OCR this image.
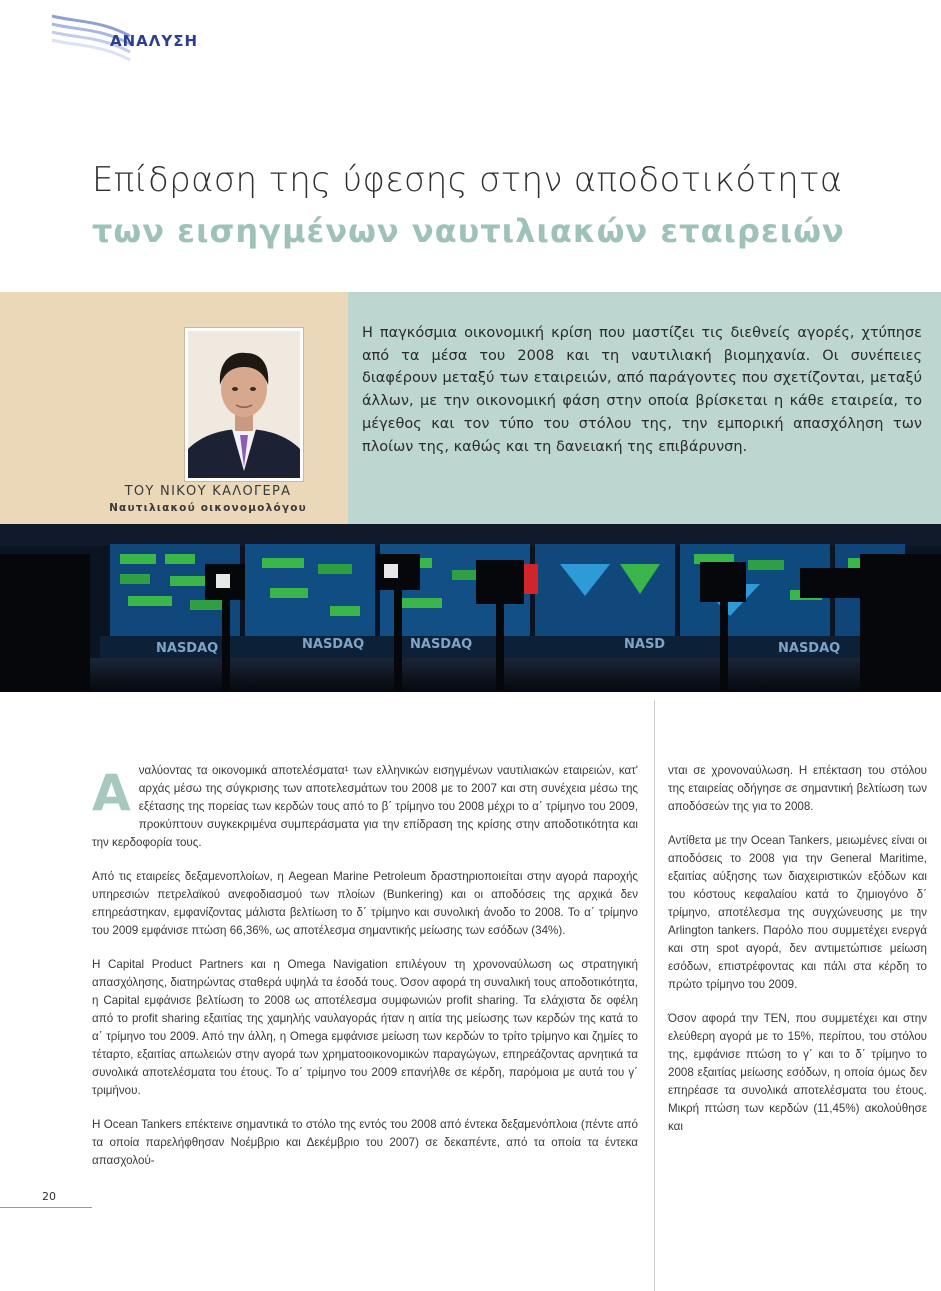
ΑΝΑΛΥΣΗ
Επίδραση της ύφεσης στην αποδοτικότητα
των εισηγμένων ναυτιλιακών εταιρειών
ΤΟΥ ΝΙΚΟΥ ΚΑΛΟΓΕΡΑ
Ναυτιλιακού οικονομολόγου
Η παγκόσμια οικονομική κρίση που μαστίζει τις διεθνείς αγορές, χτύπησε από τα μέσα του 2008 και τη ναυτιλιακή βιομηχανία. Οι συνέπειες διαφέρουν μεταξύ των εταιρειών, από παράγοντες που σχετίζονται, μεταξύ άλλων, με την οικονομική φάση στην οποία βρίσκεται η κάθε εταιρεία, το μέγεθος και τον τύπο του στόλου της, την εμπορική απασχόληση των πλοίων της, καθώς και τη δανειακή της επιβάρυνση.
NASDAQ	NASDAQ	NASDAQ	NASD	NASDAQ

Αναλύοντας τα οικονομικά αποτελέσματα¹ των ελληνικών εισηγμένων ναυτιλιακών εταιρειών, κατ' αρχάς μέσω της σύγκρισης των αποτελεσμάτων του 2008 με το 2007 και στη συνέχεια μέσω της εξέτασης της πορείας των κερδών τους από το β΄ τρίμηνο του 2008 μέχρι το α΄ τρίμηνο του 2009, προκύπτουν συγκεκριμένα συμπεράσματα για την επίδραση της κρίσης στην αποδοτικότητα και την κερδοφορία τους.

Από τις εταιρείες δεξαμενοπλοίων, η Aegean Marine Petroleum δραστηριοποιείται στην αγορά παροχής υπηρεσιών πετρελαϊκού ανεφοδιασμού των πλοίων (Bunkering) και οι αποδόσεις της αρχικά δεν επηρεάστηκαν, εμφανίζοντας μάλιστα βελτίωση το δ΄ τρίμηνο και συνολική άνοδο το 2008. Το α΄ τρίμηνο του 2009 εμφάνισε πτώση 66,36%, ως αποτέλεσμα σημαντικής μείωσης των εσόδων (34%).

Η Capital Product Partners και η Omega Navigation επιλέγουν τη χρονοναύλωση ως στρατηγική απασχόλησης, διατηρώντας σταθερά υψηλά τα έσοδά τους. Όσον αφορά τη συναλική τους αποδοτικότητα, η Capital εμφάνισε βελτίωση το 2008 ως αποτέλεσμα συμφωνιών profit sharing. Τα ελάχιστα δε οφέλη από το profit sharing εξαιτίας της χαμηλής ναυλαγοράς ήταν η αιτία της μείωσης των κερδών της κατά το α΄ τρίμηνο του 2009. Από την άλλη, η Omega εμφάνισε μείωση των κερδών το τρίτο τρίμηνο και ζημίες το τέταρτο, εξαιτίας απωλειών στην αγορά των χρηματοοικονομικών παραγώγων, επηρεάζοντας αρνητικά τα συνολικά αποτελέσματα του έτους. Το α΄ τρίμηνο του 2009 επανήλθε σε κέρδη, παρόμοια με αυτά του γ΄ τριμήνου.

Η Ocean Tankers επέκτεινε σημαντικά το στόλο της εντός του 2008 από έντεκα δεξαμενόπλοια (πέντε από τα οποία παρελήφθησαν Νοέμβριο και Δεκέμβριο του 2007) σε δεκαπέντε, από τα οποία τα έντεκα απασχολού-

νται σε χρονοναύλωση. Η επέκταση του στόλου της εταιρείας οδήγησε σε σημαντική βελτίωση των αποδόσεών της για το 2008.

Αντίθετα με την Ocean Tankers, μειωμένες είναι οι αποδόσεις το 2008 για την General Maritime, εξαιτίας αύξησης των διαχειριστικών εξόδων και του κόστους κεφαλαίου κατά το ζημιογόνο δ΄ τρίμηνο, αποτέλεσμα της συγχώνευσης με την Arlington tankers. Παρόλο που συμμετέχει ενεργά και στη spot αγορά, δεν αντιμετώπισε μείωση εσόδων, επιστρέφοντας και πάλι στα κέρδη το πρώτο τρίμηνο του 2009.

Όσον αφορά την TEN, που συμμετέχει και στην ελεύθερη αγορά με το 15%, περίπου, του στόλου της, εμφάνισε πτώση το γ΄ και το δ΄ τρίμηνο το 2008 εξαιτίας μείωσης εσόδων, η οποία όμως δεν επηρέασε τα συνολικά αποτελέσματα του έτους. Μικρή πτώση των κερδών (11,45%) ακολούθησε και

20
